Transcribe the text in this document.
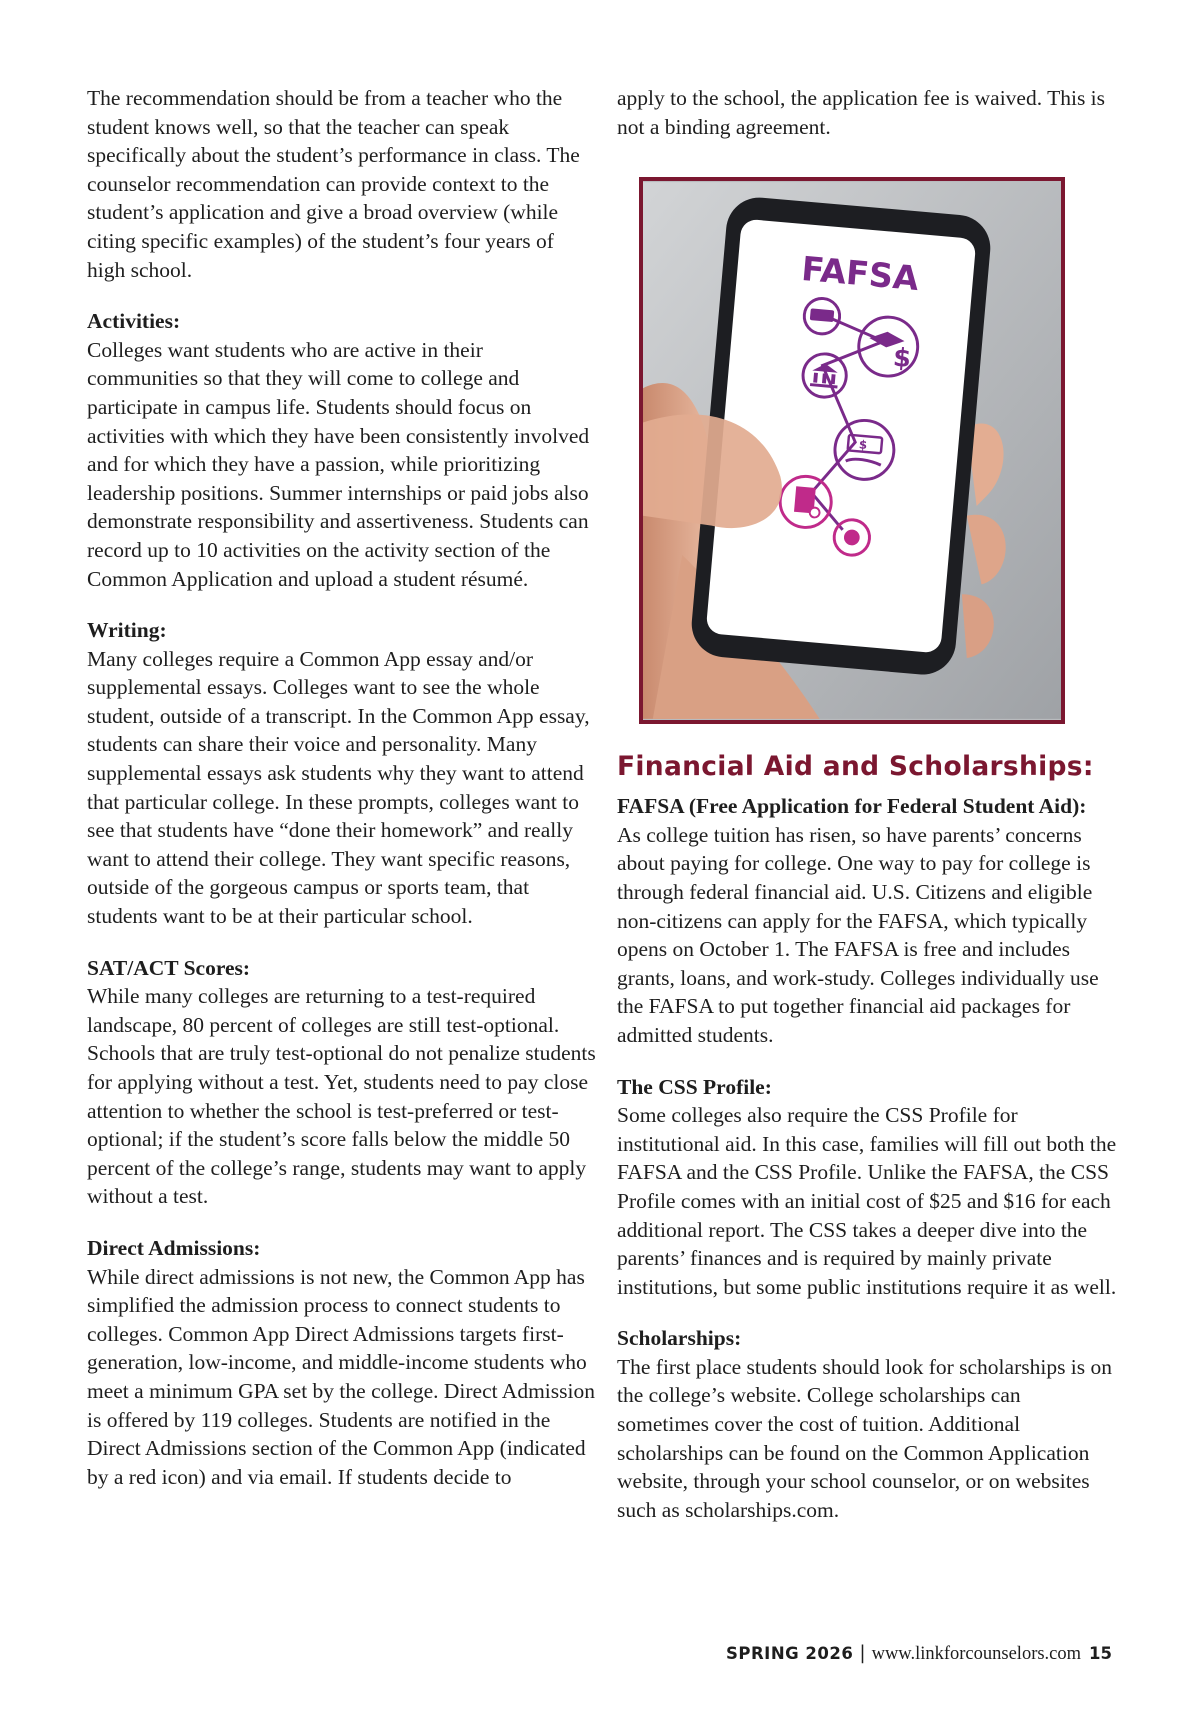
The recommendation should be from a teacher who the student knows well, so that the teacher can speak specifically about the student’s performance in class. The counselor recommendation can provide context to the student’s application and give a broad overview (while citing specific examples) of the student’s four years of high school.

Activities:

Colleges want students who are active in their communities so that they will come to college and participate in campus life. Students should focus on activities with which they have been consistently involved and for which they have a passion, while prioritizing leadership positions. Summer internships or paid jobs also demonstrate responsibility and assertiveness. Students can record up to 10 activities on the activity section of the Common Application and upload a student résumé.

Writing:

Many colleges require a Common App essay and/or supplemental essays. Colleges want to see the whole student, outside of a transcript. In the Common App essay, students can share their voice and personality. Many supplemental essays ask students why they want to attend that particular college. In these prompts, colleges want to see that students have “done their homework” and really want to attend their college. They want specific reasons, outside of the gorgeous campus or sports team, that students want to be at their particular school.

SAT/ACT Scores:

While many colleges are returning to a test-required landscape, 80 percent of colleges are still test-optional. Schools that are truly test-optional do not penalize students for applying without a test. Yet, students need to pay close attention to whether the school is test-preferred or test-optional; if the student’s score falls below the middle 50 percent of the college’s range, students may want to apply without a test.

Direct Admissions:

While direct admissions is not new, the Common App has simplified the admission process to connect students to colleges. Common App Direct Admissions targets first-generation, low-income, and middle-income students who meet a minimum GPA set by the college. Direct Admission is offered by 119 colleges. Students are notified in the Direct Admissions section of the Common App (indicated by a red icon) and via email. If students decide to

apply to the school, the application fee is waived. This is not a binding agreement.

FAFSA
$
$
Financial Aid and Scholarships:
FAFSA (Free Application for Federal Student Aid):

As college tuition has risen, so have parents’ concerns about paying for college. One way to pay for college is through federal financial aid. U.S. Citizens and eligible non-citizens can apply for the FAFSA, which typically opens on October 1. The FAFSA is free and includes grants, loans, and work-study. Colleges individually use the FAFSA to put together financial aid packages for admitted students.

The CSS Profile:

Some colleges also require the CSS Profile for institutional aid. In this case, families will fill out both the FAFSA and the CSS Profile. Unlike the FAFSA, the CSS Profile comes with an initial cost of $25 and $16 for each additional report. The CSS takes a deeper dive into the parents’ finances and is required by mainly private institutions, but some public institutions require it as well.

Scholarships:

The first place students should look for scholarships is on the college’s website. College scholarships can sometimes cover the cost of tuition. Additional scholarships can be found on the Common Application website, through your school counselor, or on websites such as scholarships.com.

SPRING 2026 | www.linkforcounselors.com 15
